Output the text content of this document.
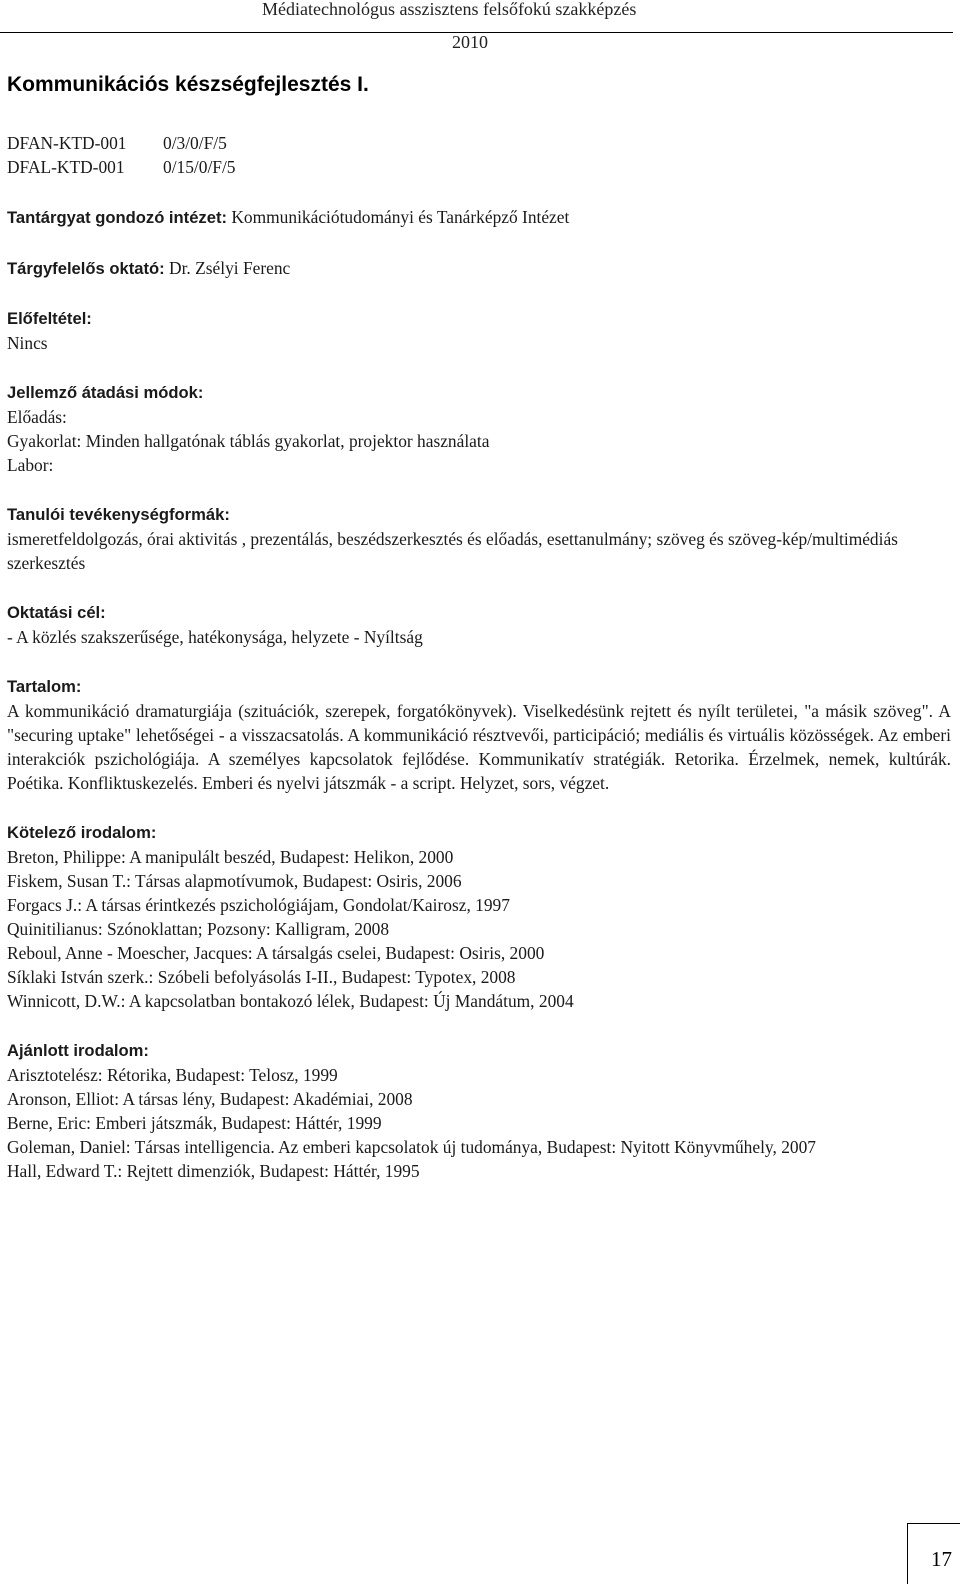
Médiatechnológus asszisztens felsőfokú szakképzés
2010
Kommunikációs készségfejlesztés I.

DFAN-KTD-001 0/3/0/F/5

DFAL-KTD-001 0/15/0/F/5

Tantárgyat gondozó intézet: Kommunikációtudományi és Tanárképző Intézet

Tárgyfelelős oktató: Dr. Zsélyi Ferenc

Előfeltétel:

Nincs

Jellemző átadási módok:

Előadás:

Gyakorlat: Minden hallgatónak táblás gyakorlat, projektor használata

Labor:

Tanulói tevékenységformák:

ismeretfeldolgozás, órai aktivitás , prezentálás, beszédszerkesztés és előadás, esettanulmány; szöveg és szöveg-kép/multimédiás szerkesztés

Oktatási cél:

- A közlés szakszerűsége, hatékonysága, helyzete - Nyíltság

Tartalom:

A kommunikáció dramaturgiája (szituációk, szerepek, forgatókönyvek). Viselkedésünk rejtett és nyílt területei, "a másik szöveg". A "securing uptake" lehetőségei - a visszacsatolás. A kommunikáció résztvevői, participáció; mediális és virtuális közösségek. Az emberi interakciók pszichológiája. A személyes kapcsolatok fejlődése. Kommunikatív stratégiák. Retorika. Érzelmek, nemek, kultúrák. Poétika. Konfliktuskezelés. Emberi és nyelvi játszmák - a script. Helyzet, sors, végzet.

Kötelező irodalom:

Breton, Philippe: A manipulált beszéd, Budapest: Helikon, 2000

Fiskem, Susan T.: Társas alapmotívumok, Budapest: Osiris, 2006

Forgacs J.: A társas érintkezés pszichológiájam, Gondolat/Kairosz, 1997

Quinitilianus: Szónoklattan; Pozsony: Kalligram, 2008

Reboul, Anne - Moescher, Jacques: A társalgás cselei, Budapest: Osiris, 2000

Síklaki István szerk.: Szóbeli befolyásolás I-II., Budapest: Typotex, 2008

Winnicott, D.W.: A kapcsolatban bontakozó lélek, Budapest: Új Mandátum, 2004

Ajánlott irodalom:

Arisztotelész: Rétorika, Budapest: Telosz, 1999

Aronson, Elliot: A társas lény, Budapest: Akadémiai, 2008

Berne, Eric: Emberi játszmák, Budapest: Háttér, 1999

Goleman, Daniel: Társas intelligencia. Az emberi kapcsolatok új tudománya, Budapest: Nyitott Könyvműhely, 2007

Hall, Edward T.: Rejtett dimenziók, Budapest: Háttér, 1995

17
